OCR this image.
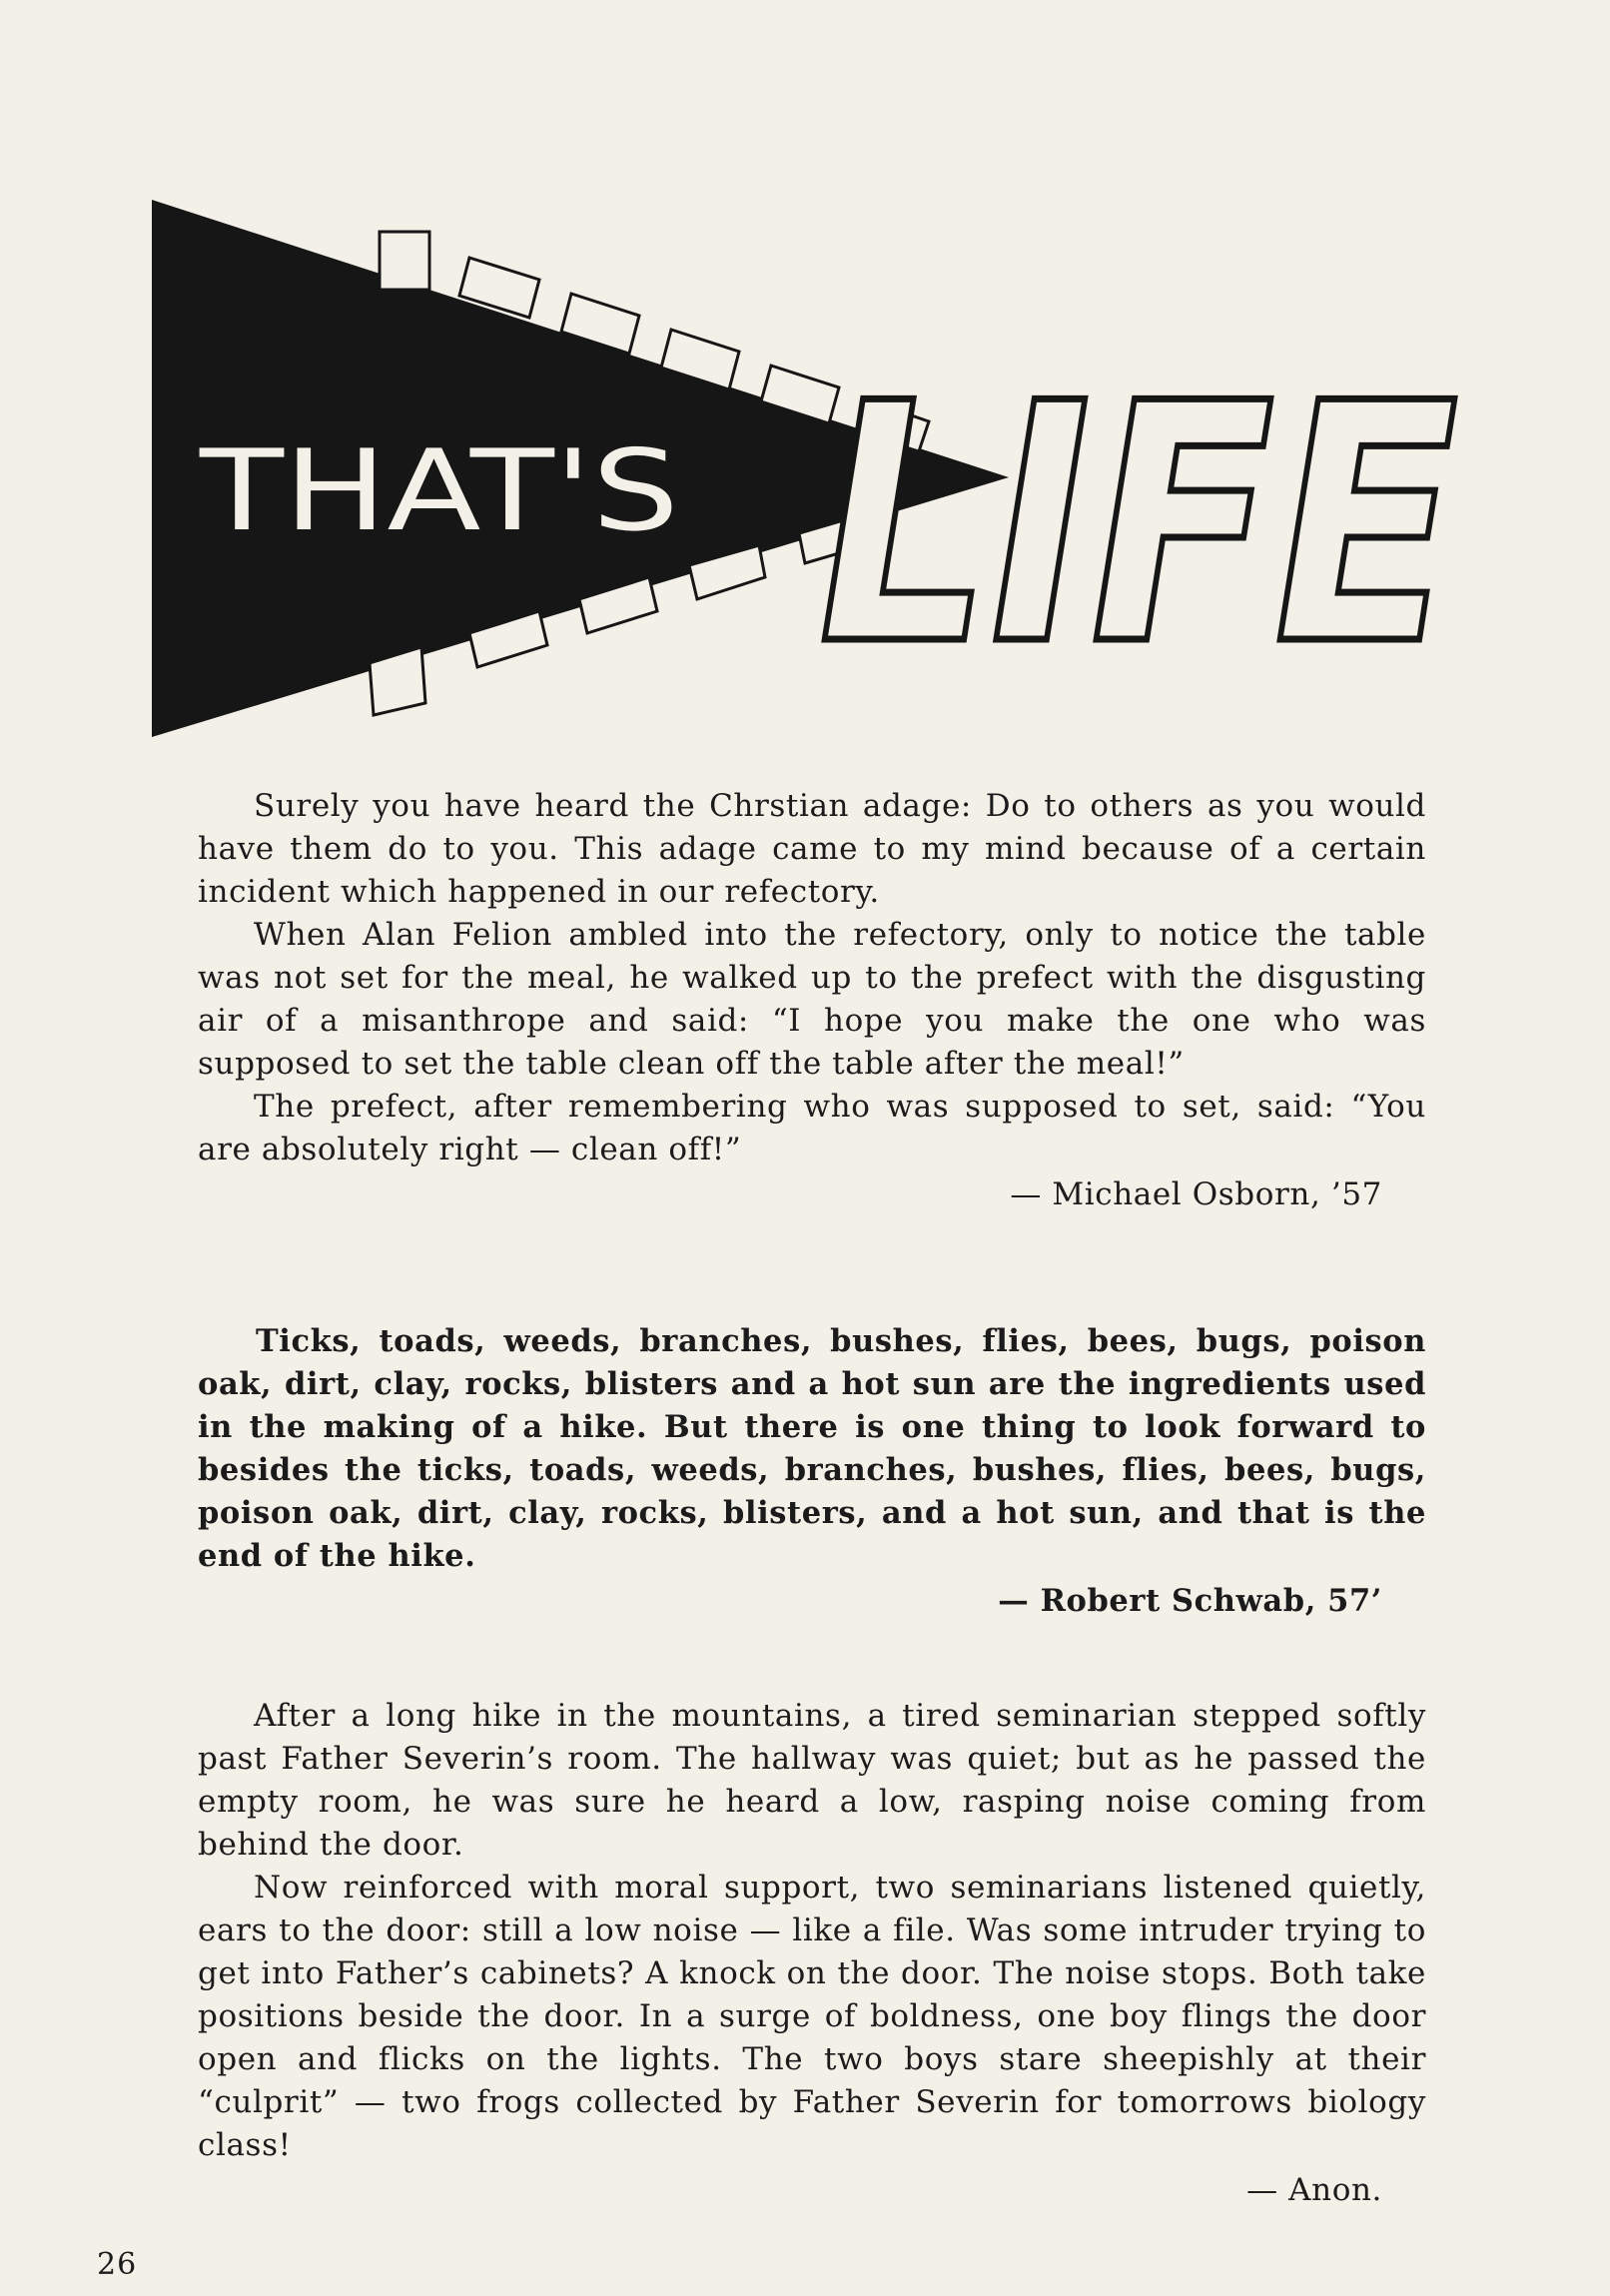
THAT'S LIFE

Surely you have heard the Chrstian adage: Do to others as you would have them do to you. This adage came to my mind because of a certain incident which happened in our refectory.

When Alan Felion ambled into the refectory, only to notice the table was not set for the meal, he walked up to the prefect with the disgusting air of a misanthrope and said: “I hope you make the one who was supposed to set the table clean off the table after the meal!”

The prefect, after remembering who was supposed to set, said: “You are absolutely right — clean off!”

— Michael Osborn, ’57

Ticks, toads, weeds, branches, bushes, flies, bees, bugs, poison oak, dirt, clay, rocks, blisters and a hot sun are the ingredients used in the making of a hike. But there is one thing to look forward to besides the ticks, toads, weeds, branches, bushes, flies, bees, bugs, poison oak, dirt, clay, rocks, blisters, and a hot sun, and that is the end of the hike.

— Robert Schwab, 57’

After a long hike in the mountains, a tired seminarian stepped softly past Father Severin’s room. The hallway was quiet; but as he passed the empty room, he was sure he heard a low, rasping noise coming from behind the door.

Now reinforced with moral support, two seminarians listened quietly, ears to the door: still a low noise — like a file. Was some intruder trying to get into Father’s cabinets? A knock on the door. The noise stops. Both take positions beside the door. In a surge of boldness, one boy flings the door open and flicks on the lights. The two boys stare sheepishly at their “culprit” — two frogs collected by Father Severin for tomorrows biology class!

— Anon.
26
